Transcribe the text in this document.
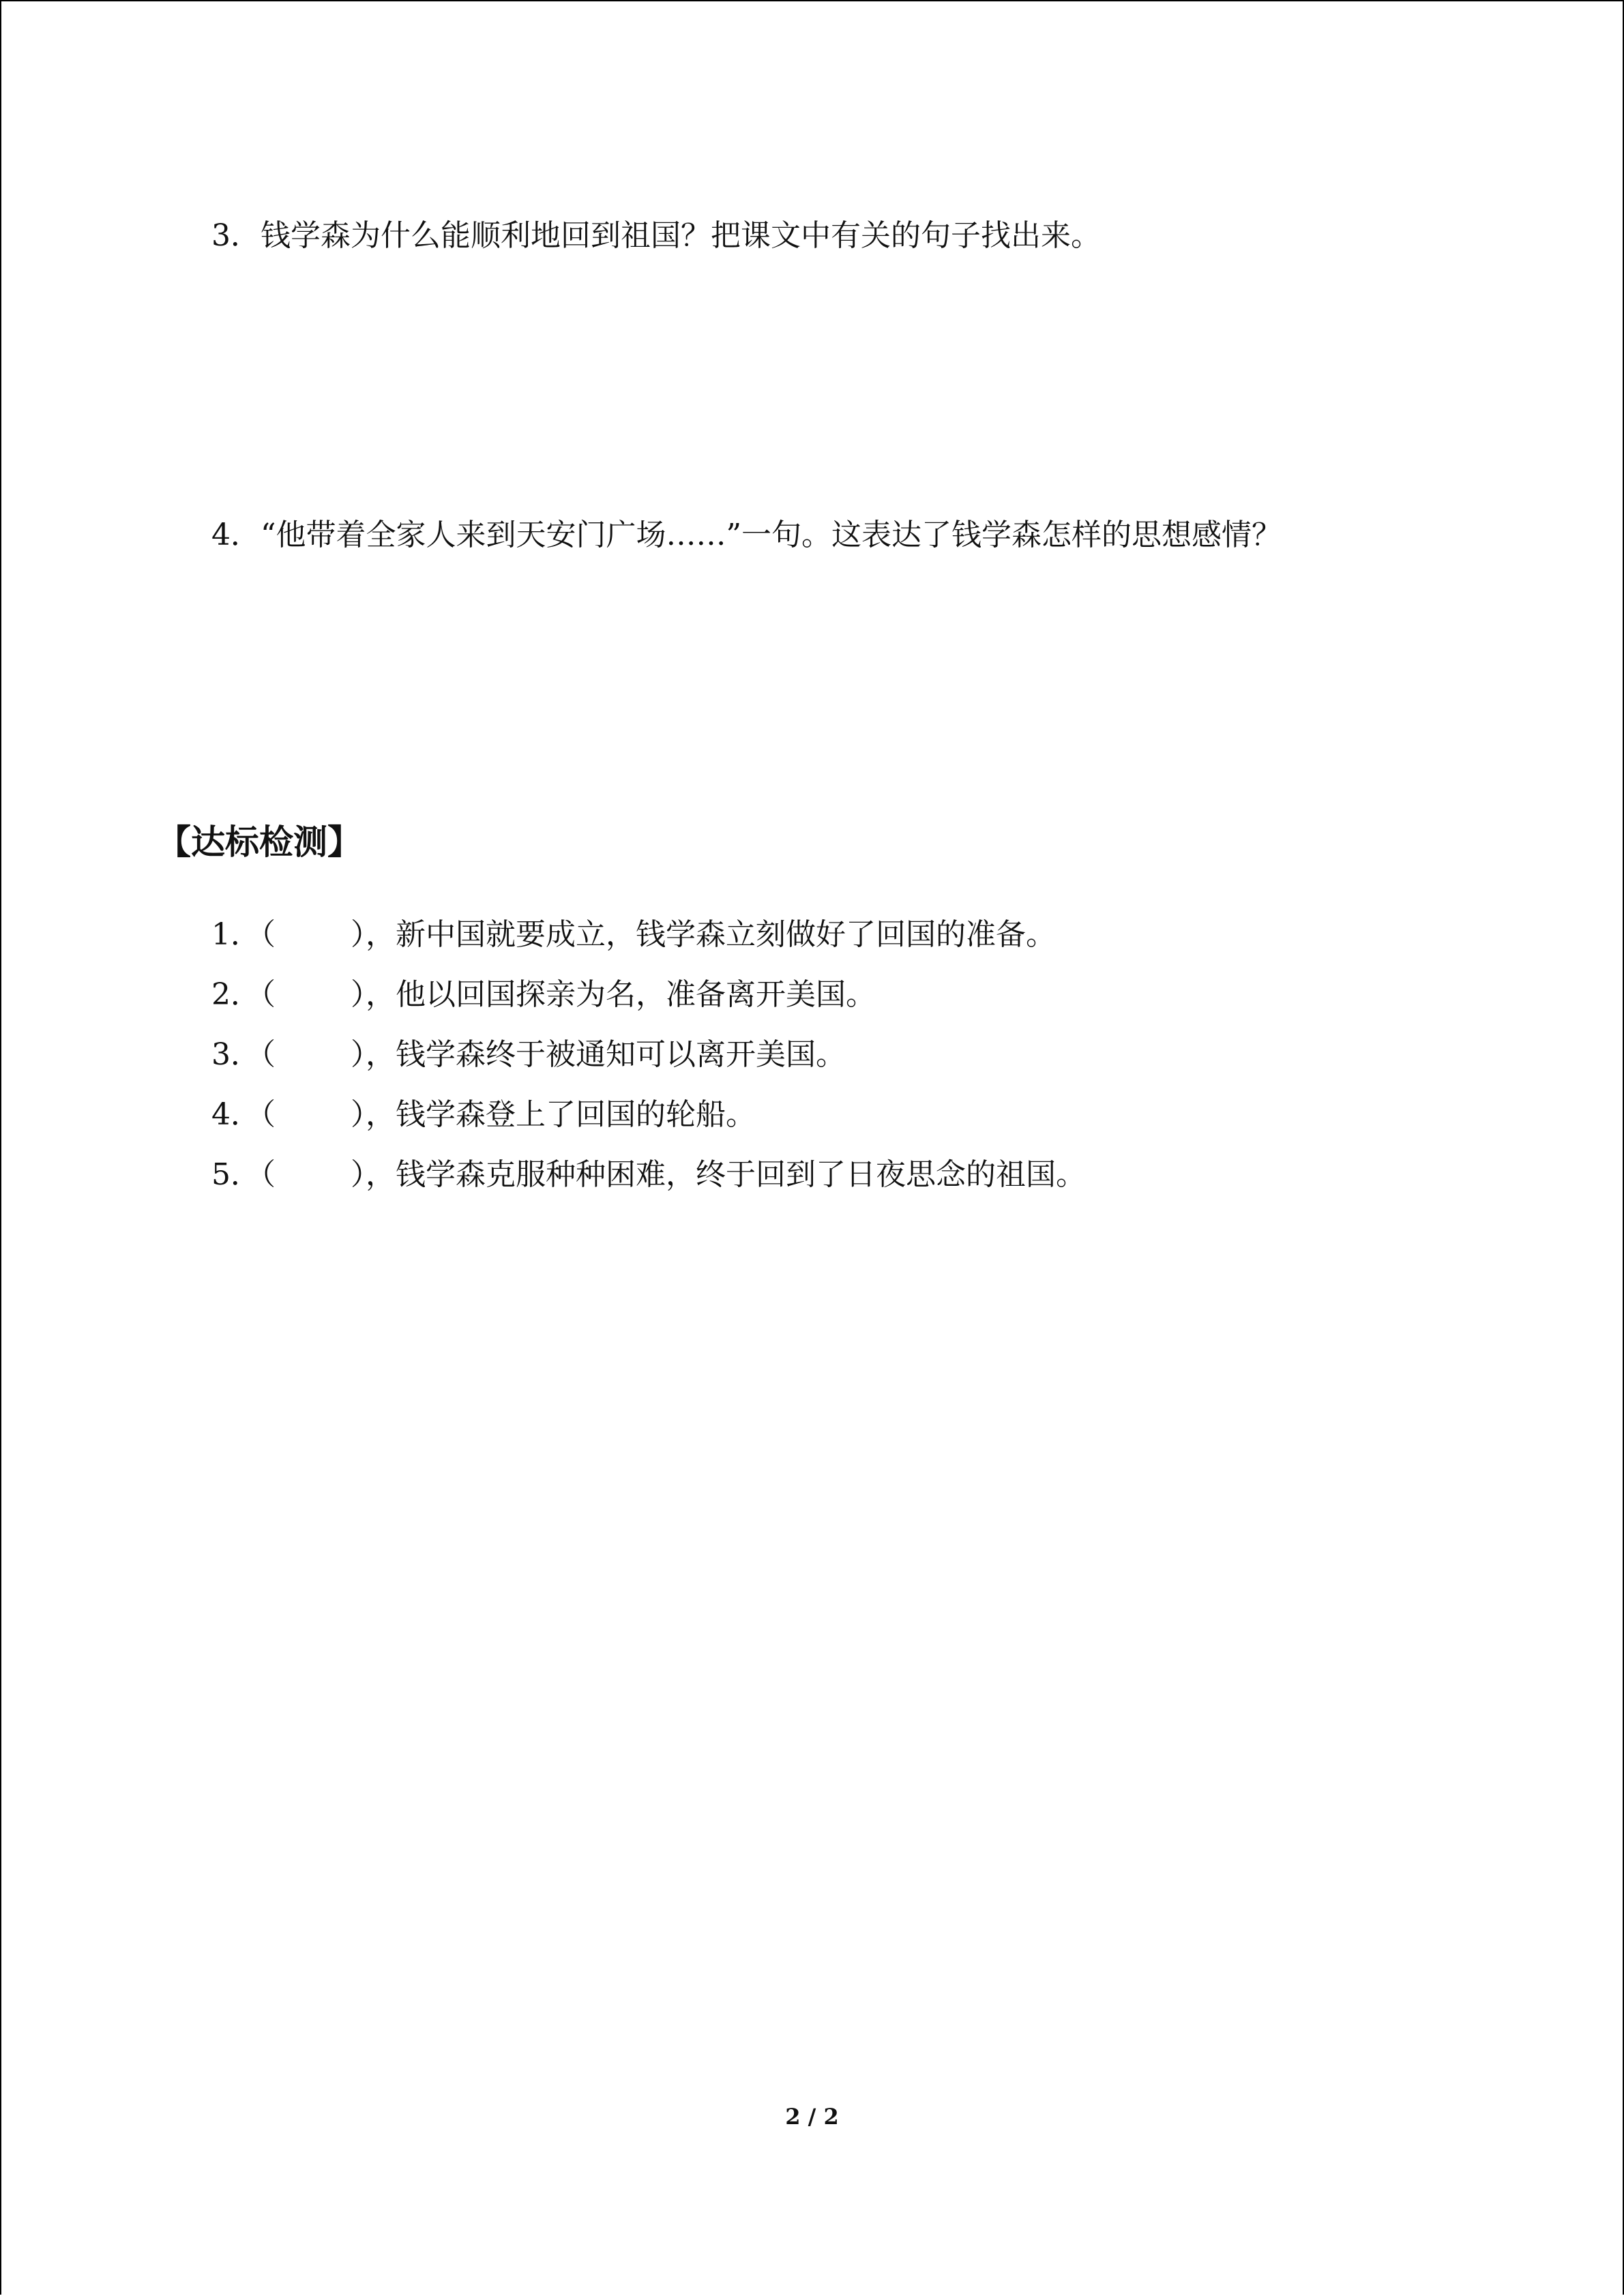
3．钱学森为什么能顺利地回到祖国？把课文中有关的句子找出来。
4．“他带着全家人来到天安门广场……”一句。这表达了钱学森怎样的思想感情？
【达标检测】
1．（	）， 新中国就要成立，钱学森立刻做好了回国的准备。
2．（	）， 他以回国探亲为名，准备离开美国。
3．（	）， 钱学森终于被通知可以离开美国。
4．（	）， 钱学森登上了回国的轮船。
5．（	）， 钱学森克服种种困难，终于回到了日夜思念的祖国。
2 / 2
